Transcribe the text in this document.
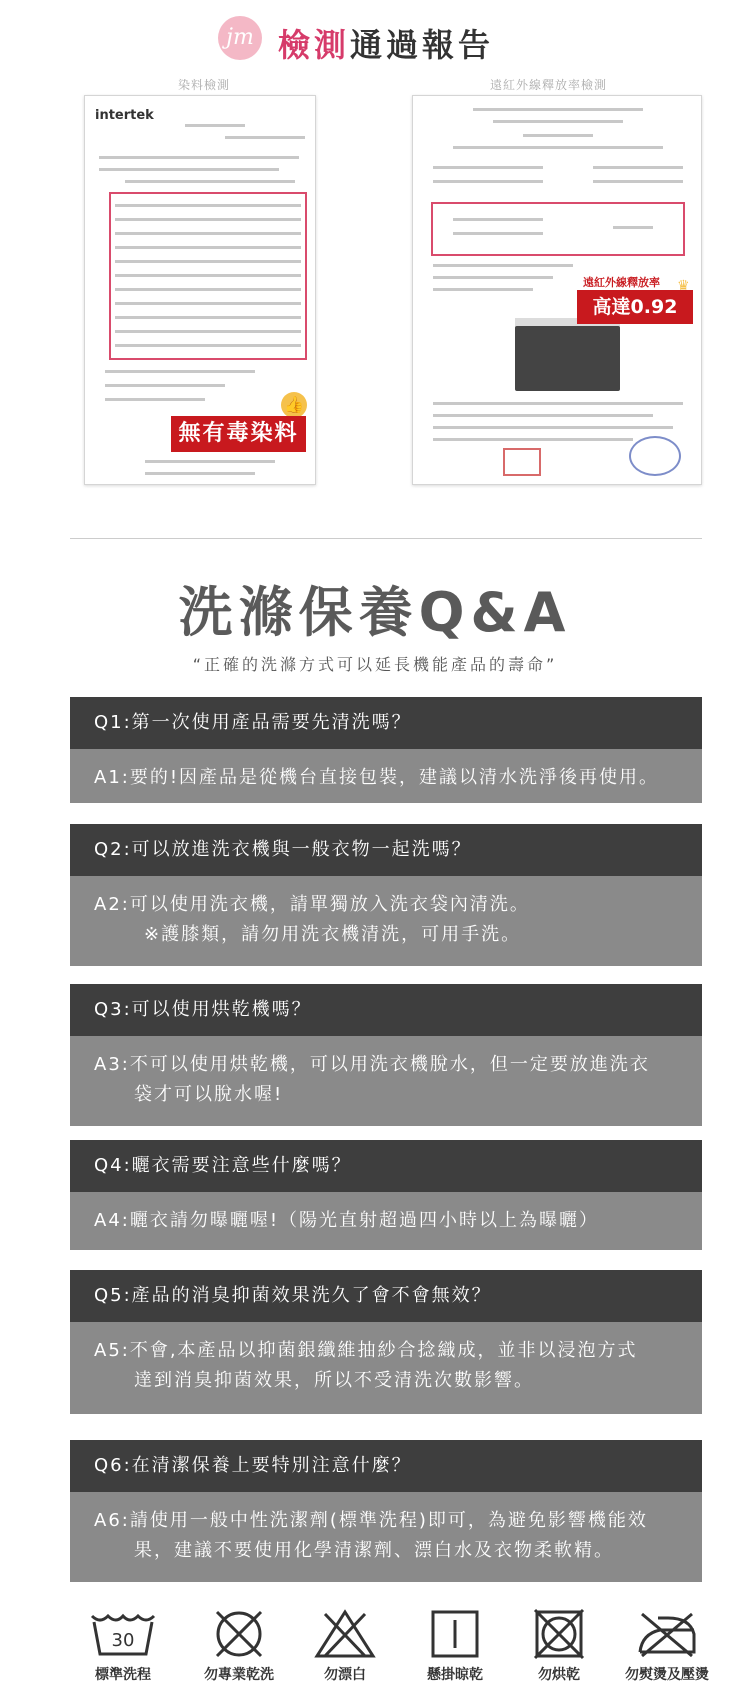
jm 檢測通過報告
染料檢測	遠紅外線釋放率檢測
intertek
👍
無有毒染料
遠紅外線釋放率
高達0.92
♛
洗滌保養Q&A
“正確的洗滌方式可以延長機能產品的壽命”
Q1:第一次使用產品需要先清洗嗎？
A1:要的!因產品是從機台直接包裝，建議以清水洗淨後再使用。
Q2:可以放進洗衣機與一般衣物一起洗嗎？
A2:可以使用洗衣機，請單獨放入洗衣袋內清洗。
※護膝類，請勿用洗衣機清洗，可用手洗。
Q3:可以使用烘乾機嗎？
A3:不可以使用烘乾機，可以用洗衣機脫水，但一定要放進洗衣
袋才可以脫水喔!
Q4:曬衣需要注意些什麼嗎？
A4:曬衣請勿曝曬喔!（陽光直射超過四小時以上為曝曬）
Q5:產品的消臭抑菌效果洗久了會不會無效？
A5:不會,本產品以抑菌銀纖維抽紗合捻織成，並非以浸泡方式
達到消臭抑菌效果，所以不受清洗次數影響。
Q6:在清潔保養上要特別注意什麼？
A6:請使用一般中性洗潔劑(標準洗程)即可，為避免影響機能效
果，建議不要使用化學清潔劑、漂白水及衣物柔軟精。
30
標準洗程	勿專業乾洗	勿漂白	懸掛晾乾	勿烘乾	勿熨燙及壓燙
